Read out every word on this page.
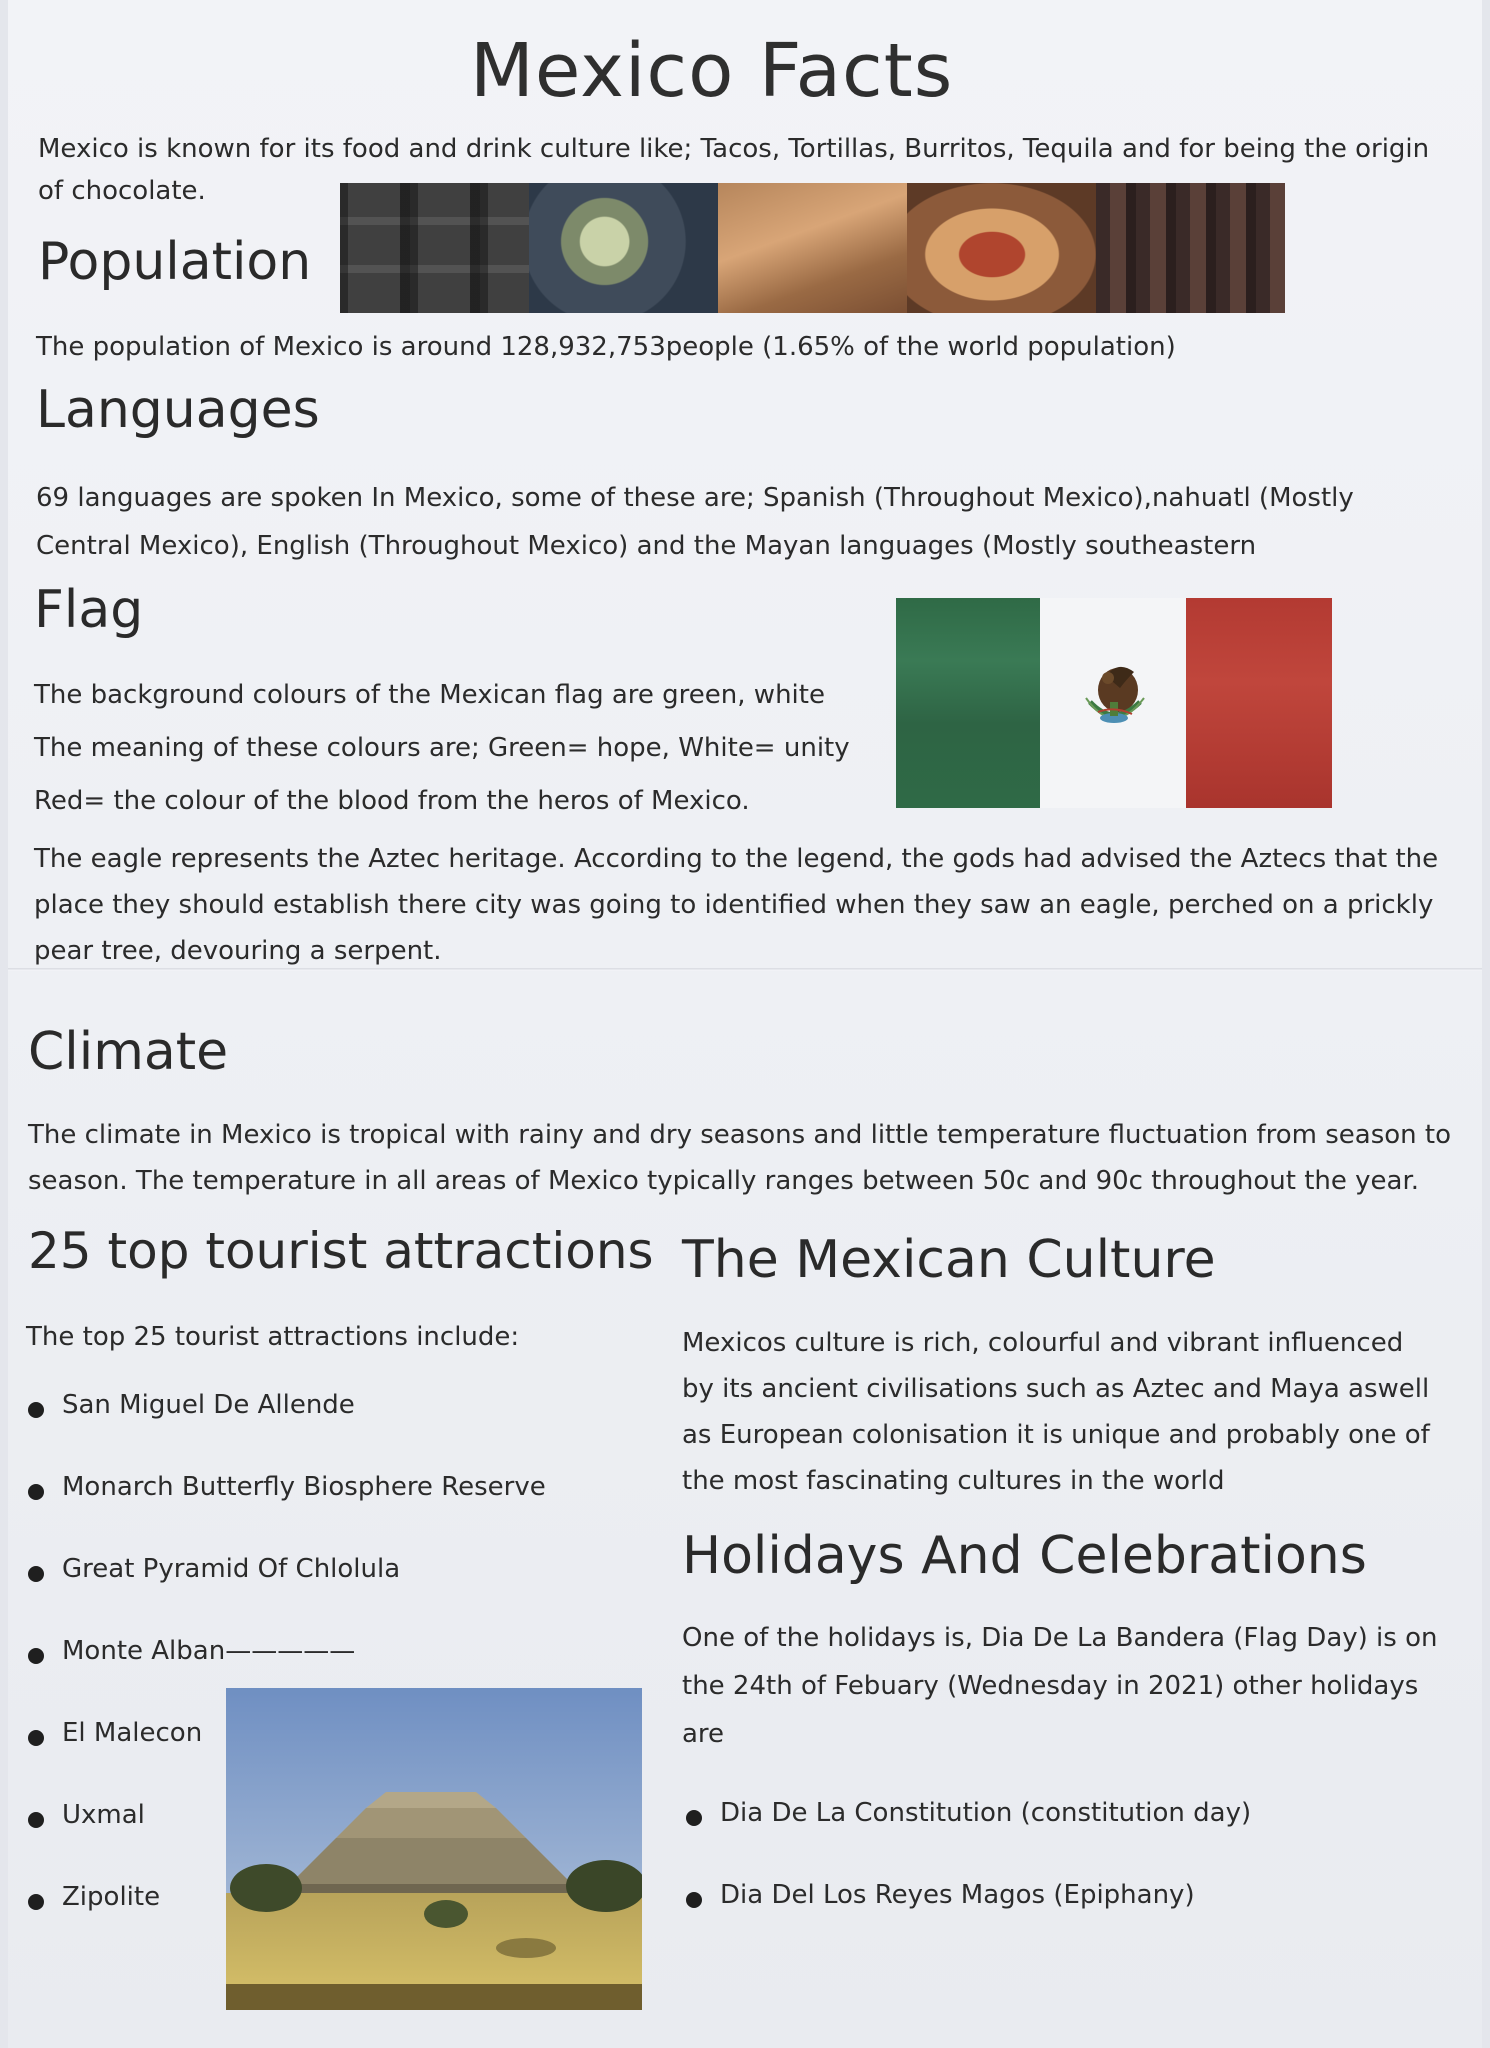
Mexico Facts
Mexico is known for its food and drink culture like; Tacos, Tortillas, Burritos, Tequila and for being the origin of chocolate.
Population
The population of Mexico is around 128,932,753people (1.65% of the world population)
Languages
69 languages are spoken In Mexico, some of these are; Spanish (Throughout Mexico),nahuatl (Mostly Central Mexico), English (Throughout Mexico) and the Mayan languages (Mostly southeastern
Flag
The background colours of the Mexican flag are green, white
The meaning of these colours are; Green= hope, White= unity
Red= the colour of the blood from the heros of Mexico.
The eagle represents the Aztec heritage. According to the legend, the gods had advised the Aztecs that the place they should establish there city was going to identified when they saw an eagle, perched on a prickly pear tree, devouring a serpent.
Climate
The climate in Mexico is tropical with rainy and dry seasons and little temperature fluctuation from season to season. The temperature in all areas of Mexico typically ranges between 50c and 90c throughout the year.
25 top tourist attractions
The top 25 tourist attractions include:
San Miguel De Allende
Monarch Butterfly Biosphere Reserve
Great Pyramid Of Chlolula
Monte Alban—————
El Malecon
Uxmal
Zipolite
The Mexican Culture
Mexicos culture is rich, colourful and vibrant influenced by its ancient civilisations such as Aztec and Maya aswell as European colonisation it is unique and probably one of the most fascinating cultures in the world
Holidays And Celebrations
One of the holidays is, Dia De La Bandera (Flag Day) is on the 24th of Febuary (Wednesday in 2021) other holidays are
Dia De La Constitution (constitution day)
Dia Del Los Reyes Magos (Epiphany)
